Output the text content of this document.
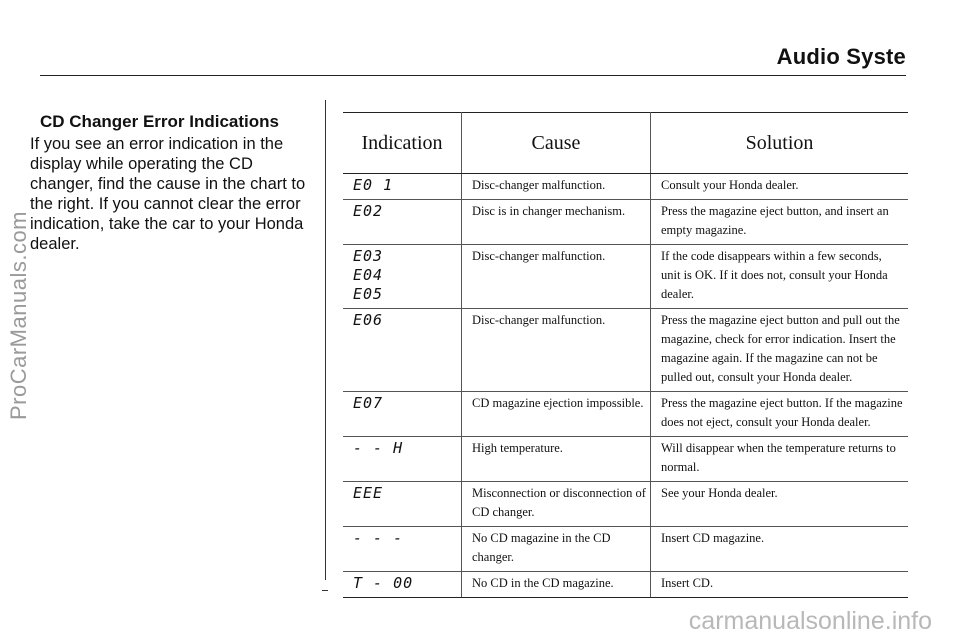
Audio Syste

CD Changer Error Indications

If you see an error indication in the display while operating the CD changer, find the cause in the chart to the right. If you cannot clear the error indication, take the car to your Honda dealer.

Indication	Cause	Solution

E0 1	Disc-changer malfunction.	Consult your Honda dealer.

E02	Disc is in changer mechanism.	Press the magazine eject button, and insert an empty magazine.

E03
E04
E05	Disc-changer malfunction.	If the code disappears within a few seconds, unit is OK. If it does not, consult your Honda dealer.

E06	Disc-changer malfunction.	Press the magazine eject button and pull out the magazine, check for error indication. Insert the magazine again. If the magazine can not be pulled out, consult your Honda dealer.

E07	CD magazine ejection impossible.	Press the magazine eject button. If the magazine does not eject, consult your Honda dealer.

- - H	High temperature.	Will disappear when the temperature returns to normal.

EEE	Misconnection or disconnection of CD changer.	See your Honda dealer.

- - -	No CD magazine in the CD changer.	Insert CD magazine.

T - 00	No CD in the CD magazine.	Insert CD.
ProCarManuals.com
carmanualsonline.info
